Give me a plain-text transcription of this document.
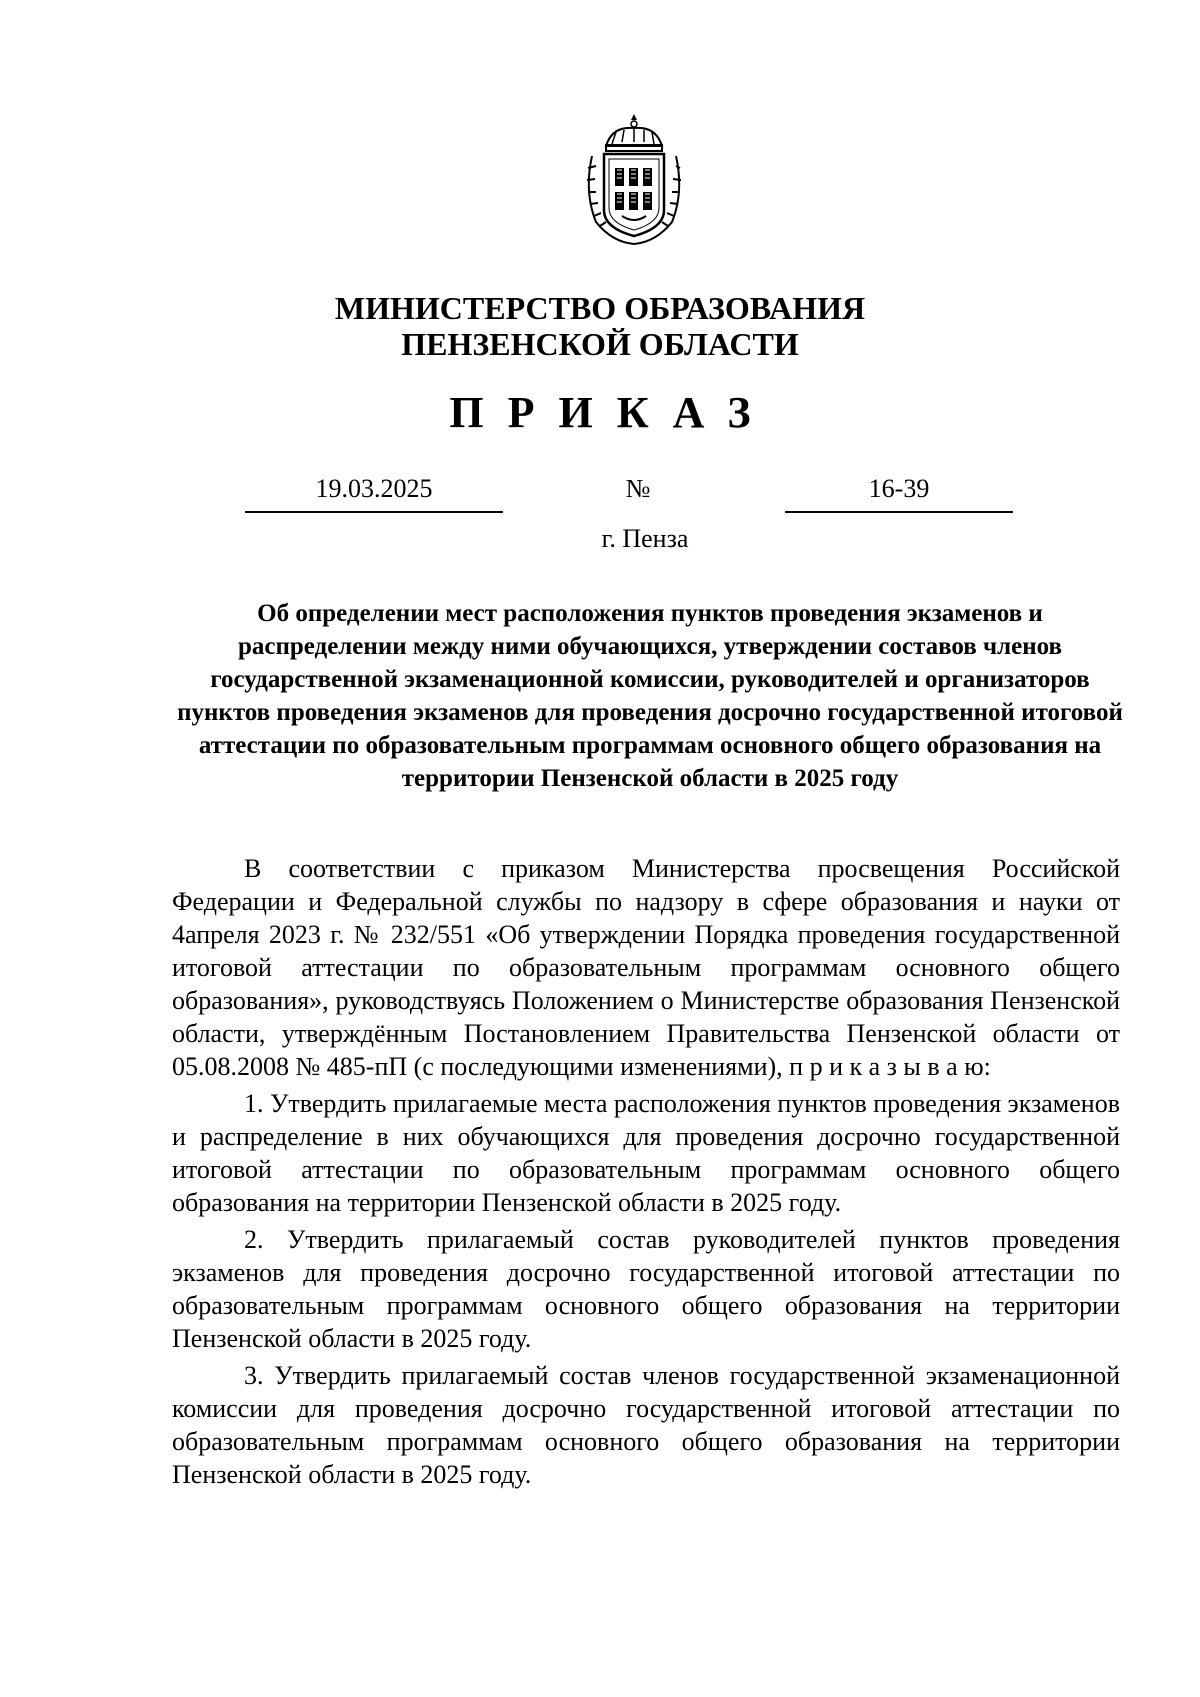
МИНИСТЕРСТВО ОБРАЗОВАНИЯ
ПЕНЗЕНСКОЙ ОБЛАСТИ
ПРИКАЗ
19.03.2025	№	16-39
г. Пенза
Об определении мест расположения пунктов проведения экзаменов и распределении между ними обучающихся, утверждении составов членов государственной экзаменационной комиссии, руководителей и организаторов пунктов проведения экзаменов для проведения досрочно государственной итоговой аттестации по образовательным программам основного общего образования на территории Пензенской области в 2025 году

В соответствии с приказом Министерства просвещения Российской Федерации и Федеральной службы по надзору в сфере образования и науки от 4апреля 2023 г. № 232/551 «Об утверждении Порядка проведения государственной итоговой аттестации по образовательным программам основного общего образования», руководствуясь Положением о Министерстве образования Пензенской области, утверждённым Постановлением Правительства Пензенской области от 05.08.2008 № 485-пП (с последующими изменениями), п р и к а з ы в а ю:

1. Утвердить прилагаемые места расположения пунктов проведения экзаменов и распределение в них обучающихся для проведения досрочно государственной итоговой аттестации по образовательным программам основного общего образования на территории Пензенской области в 2025 году.

2. Утвердить прилагаемый состав руководителей пунктов проведения экзаменов для проведения досрочно государственной итоговой аттестации по образовательным программам основного общего образования на территории Пензенской области в 2025 году.

3. Утвердить прилагаемый состав членов государственной экзаменационной комиссии для проведения досрочно государственной итоговой аттестации по образовательным программам основного общего образования на территории Пензенской области в 2025 году.
